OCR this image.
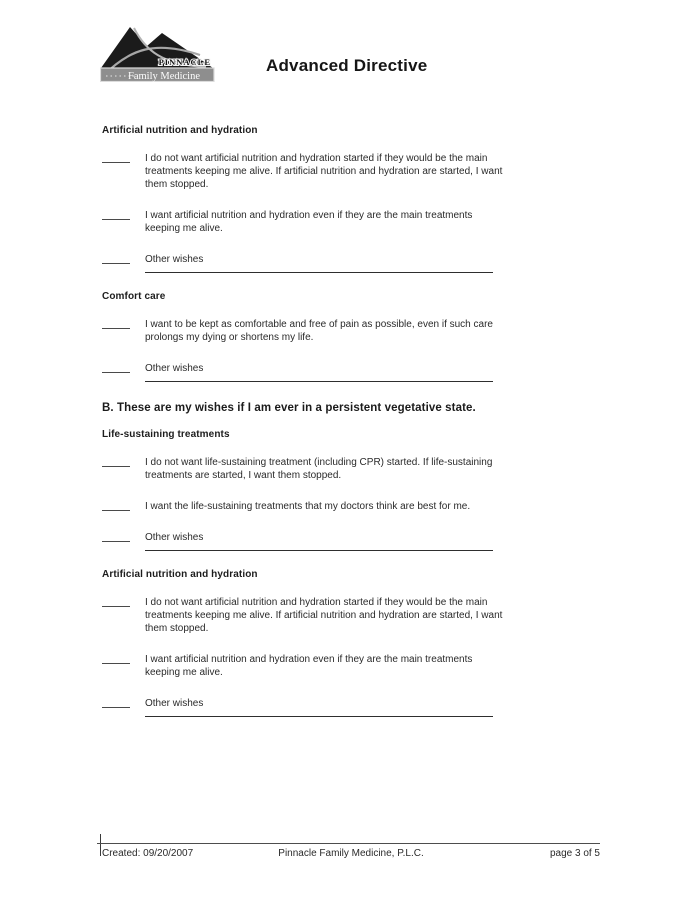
PINNACLE
Family Medicine
Advanced Directive
Artificial nutrition and hydration

I do not want artificial nutrition and hydration started if they would be the main treatments keeping me alive. If artificial nutrition and hydration are started, I want them stopped.

I want artificial nutrition and hydration even if they are the main treatments keeping me alive.

Other wishes

Comfort care

I want to be kept as comfortable and free of pain as possible, even if such care prolongs my dying or shortens my life.

Other wishes

B. These are my wishes if I am ever in a persistent vegetative state.
Life-sustaining treatments

I do not want life-sustaining treatment (including CPR) started. If life-sustaining treatments are started, I want them stopped.

I want the life-sustaining treatments that my doctors think are best for me.

Other wishes

Artificial nutrition and hydration

I do not want artificial nutrition and hydration started if they would be the main treatments keeping me alive. If artificial nutrition and hydration are started, I want them stopped.

I want artificial nutrition and hydration even if they are the main treatments keeping me alive.

Other wishes

Created: 09/20/2007	Pinnacle Family Medicine, P.L.C.	page 3 of 5
